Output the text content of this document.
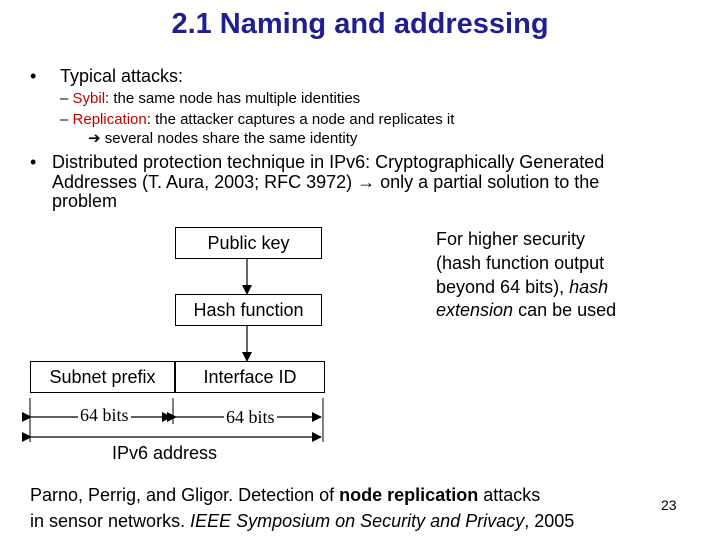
2.1 Naming and addressing
• Typical attacks:
– Sybil: the same node has multiple identities
– Replication: the attacker captures a node and replicates it
➔ several nodes share the same identity
• Distributed protection technique in IPv6: Cryptographically Generated
Addresses (T. Aura, 2003; RFC 3972) → only a partial solution to the
problem
Public key
Hash function
Subnet prefix	Interface ID
64 bits	64 bits
IPv6 address
For higher security
(hash function output
beyond 64 bits), hash
extension can be used
Parno, Perrig, and Gligor. Detection of node replication attacks
in sensor networks. IEEE Symposium on Security and Privacy, 2005
23
